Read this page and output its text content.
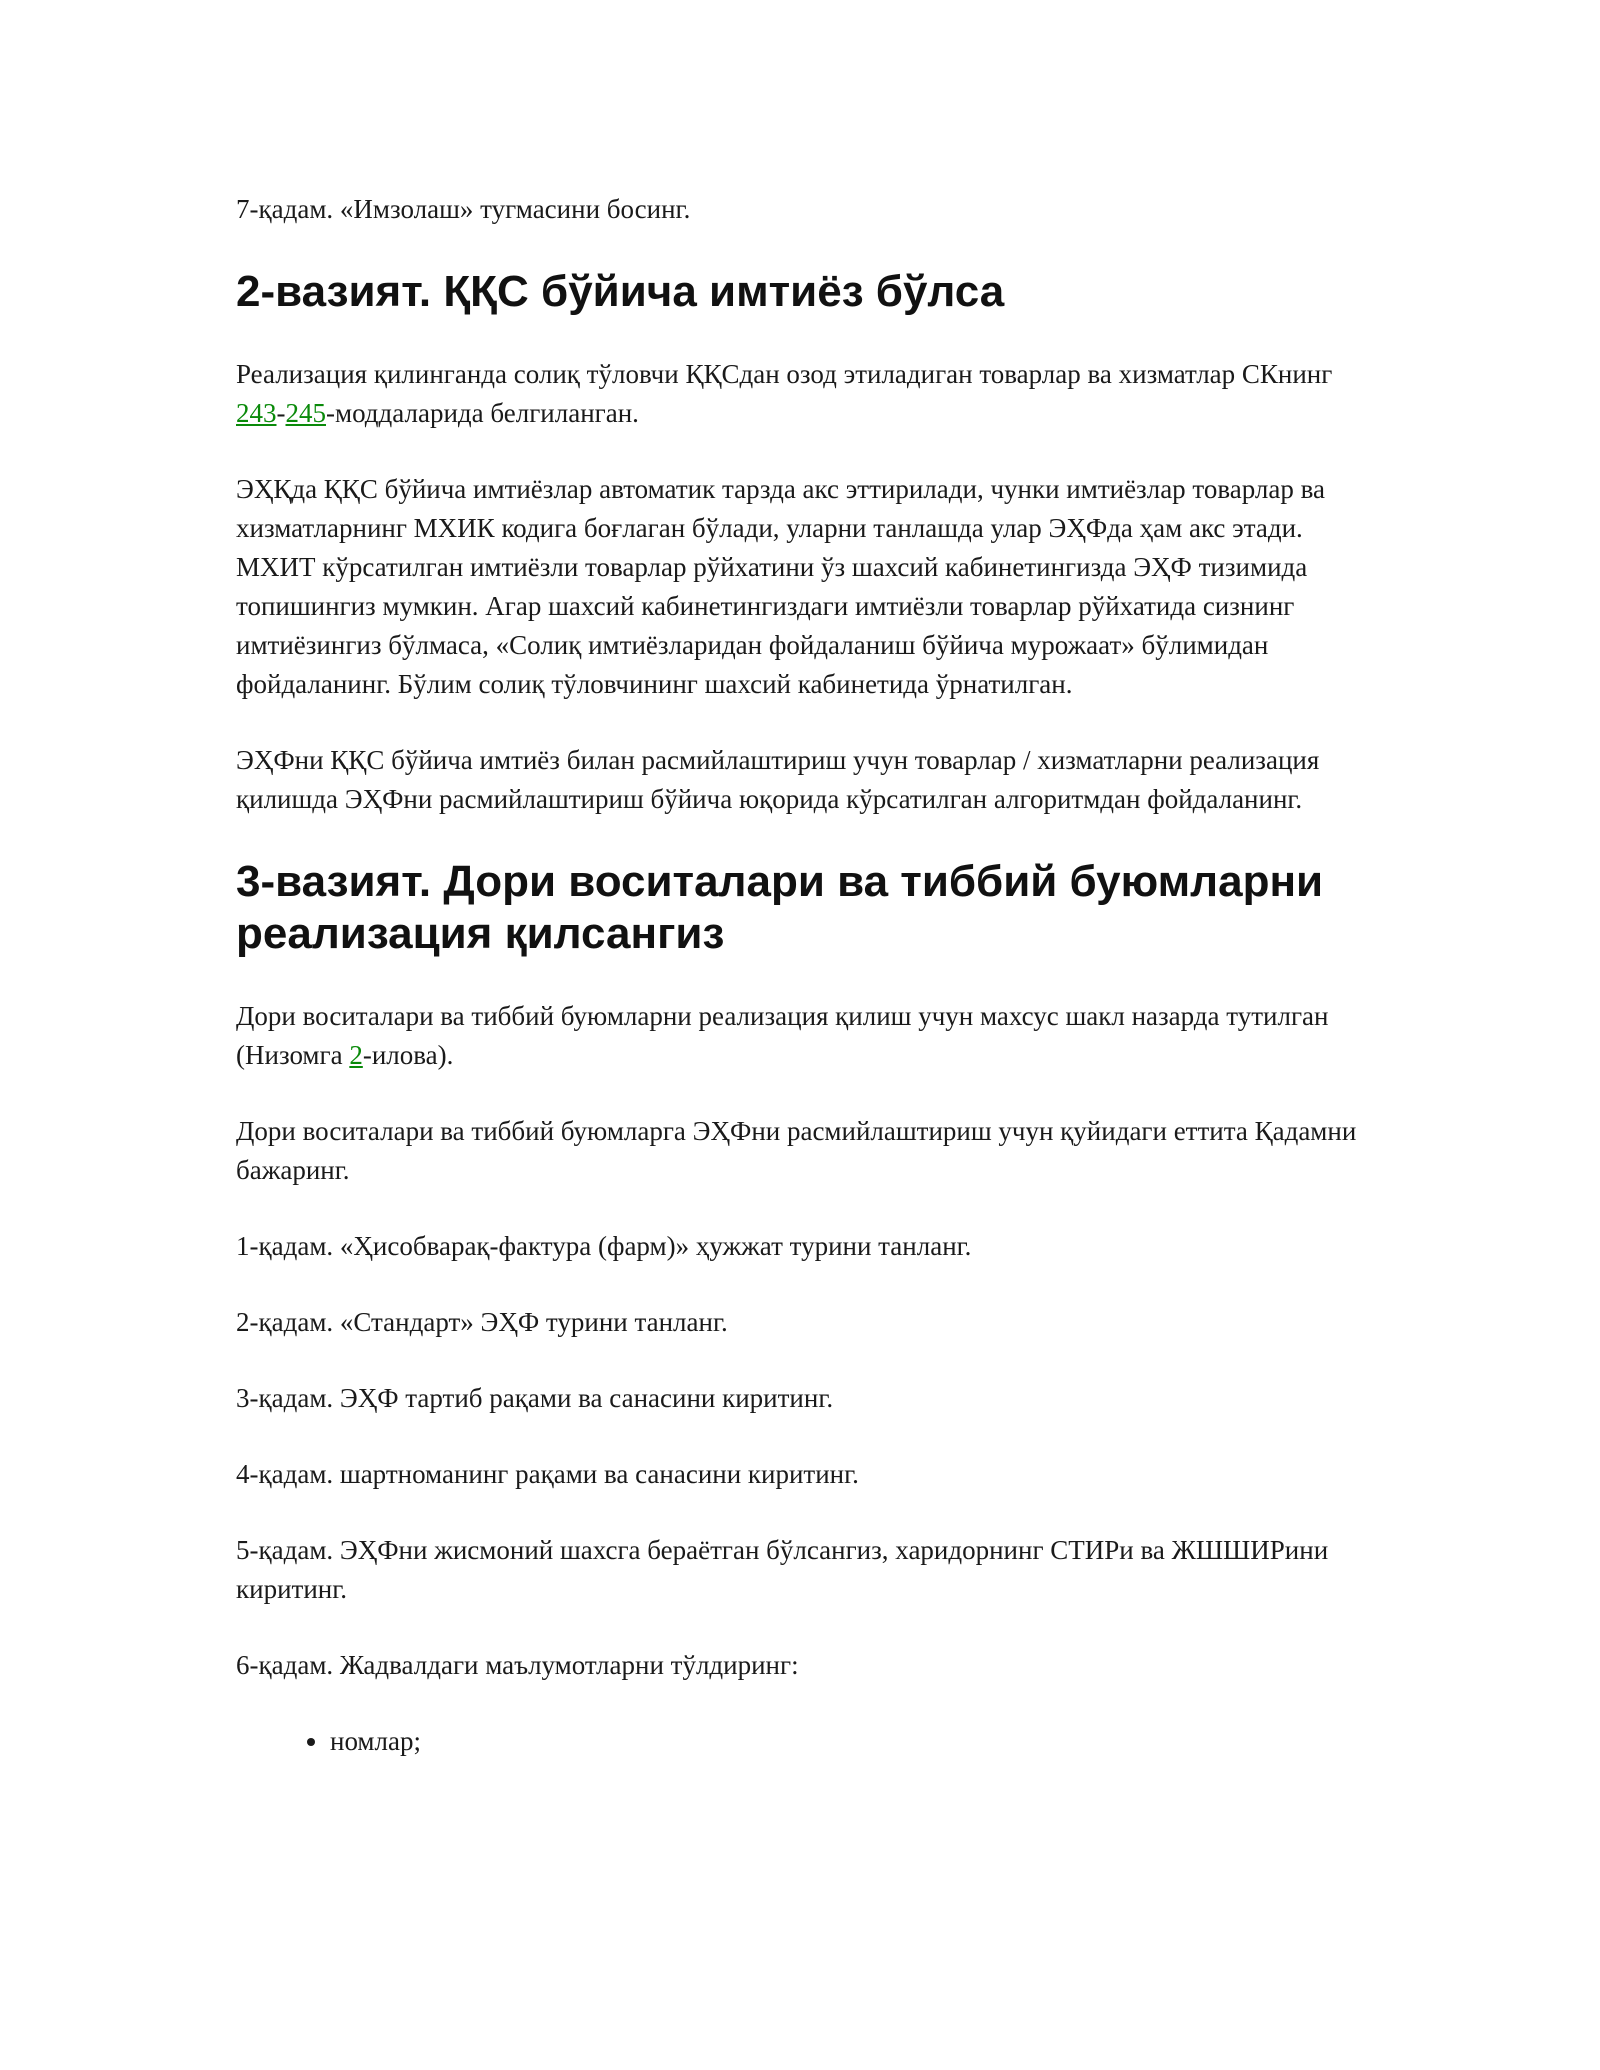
7-қадам. «Имзолаш» тугмасини босинг.

2-вазият. ҚҚС бўйича имтиёз бўлса

Реализация қилинганда солиқ тўловчи ҚҚСдан озод этиладиган товарлар ва хизматлар СКнинг 243-245-моддаларида белгиланган.

ЭҲҚда ҚҚС бўйича имтиёзлар автоматик тарзда акс эттирилади, чунки имтиёзлар товарлар ва хизматларнинг МХИК кодига боғлаган бўлади, уларни танлашда улар ЭҲФда ҳам акс этади. МХИТ кўрсатилган имтиёзли товарлар рўйхатини ўз шахсий кабинетингизда ЭҲФ тизимида топишингиз мумкин. Агар шахсий кабинетингиздаги имтиёзли товарлар рўйхатида сизнинг имтиёзингиз бўлмаса, «Солиқ имтиёзларидан фойдаланиш бўйича мурожаат» бўлимидан фойдаланинг. Бўлим солиқ тўловчининг шахсий кабинетида ўрнатилган.

ЭҲФни ҚҚС бўйича имтиёз билан расмийлаштириш учун товарлар / хизматларни реализация қилишда ЭҲФни расмийлаштириш бўйича юқорида кўрсатилган алгоритмдан фойдаланинг.

3-вазият. Дори воситалари ва тиббий буюмларни реализация қилсангиз

Дори воситалари ва тиббий буюмларни реализация қилиш учун махсус шакл назарда тутилган (Низомга 2-илова).

Дори воситалари ва тиббий буюмларга ЭҲФни расмийлаштириш учун қуйидаги еттита Қадамни бажаринг.

1-қадам. «Ҳисобварақ-фактура (фарм)» ҳужжат турини танланг.

2-қадам. «Стандарт» ЭҲФ турини танланг.

3-қадам. ЭҲФ тартиб рақами ва санасини киритинг.

4-қадам. шартноманинг рақами ва санасини киритинг.

5-қадам. ЭҲФни жисмоний шахсга бераётган бўлсангиз, харидорнинг СТИРи ва ЖШШИРини киритинг.

6-қадам. Жадвалдаги маълумотларни тўлдиринг:

• номлар;
